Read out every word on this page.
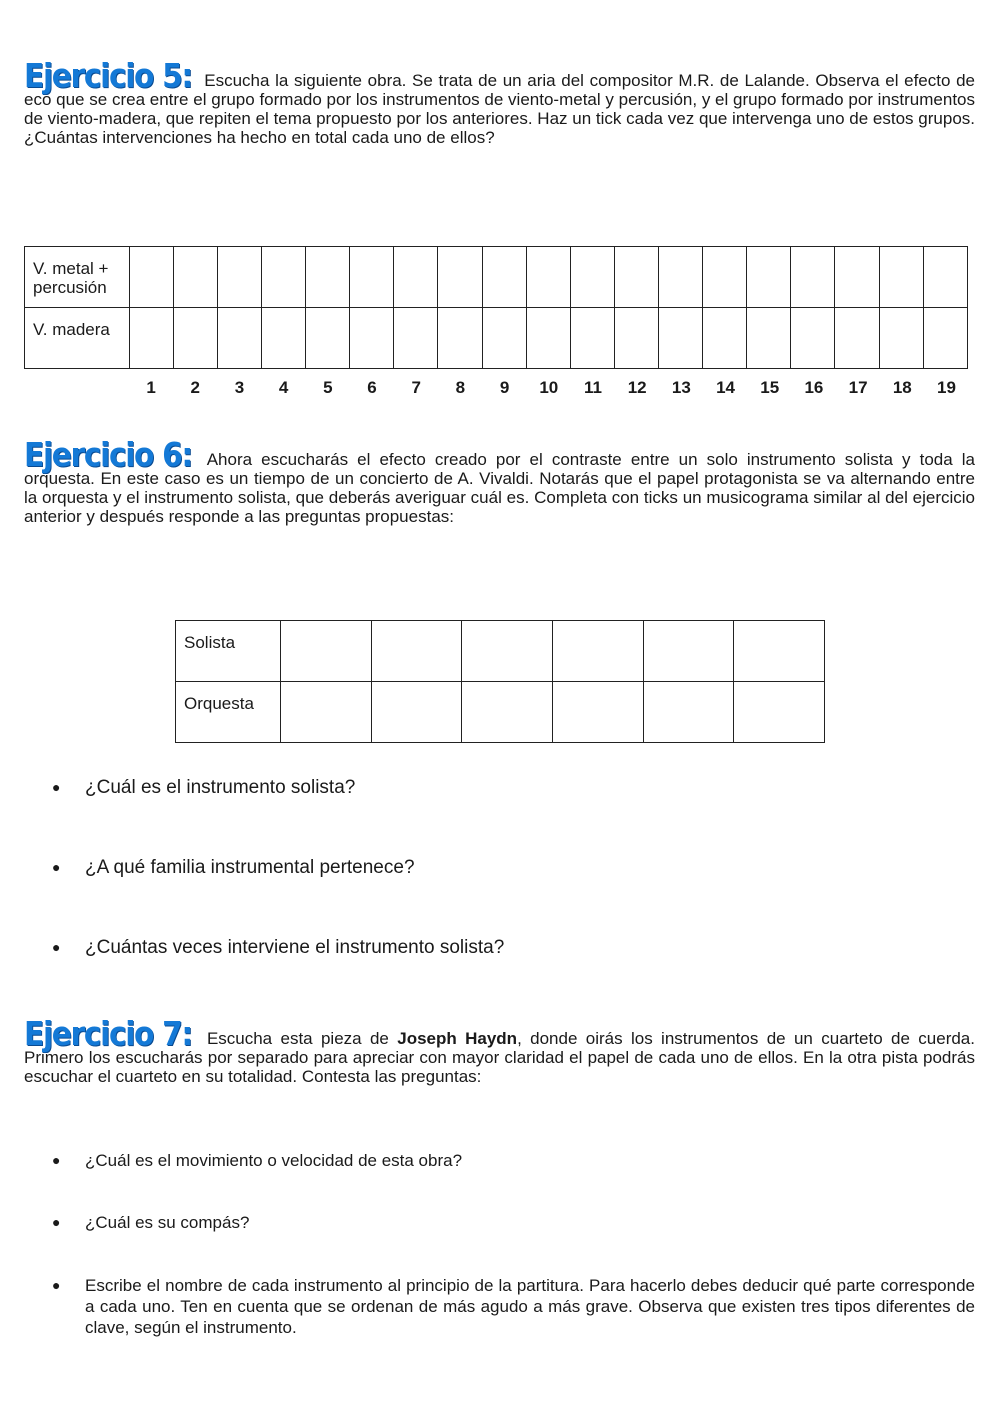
Ejercicio 5: Escucha la siguiente obra. Se trata de un aria del compositor M.R. de Lalande. Observa el efecto de eco que se crea entre el grupo formado por los instrumentos de viento-metal y percusión, y el grupo formado por instrumentos de viento-madera, que repiten el tema propuesto por los anteriores. Haz un tick cada vez que intervenga uno de estos grupos. ¿Cuántas intervenciones ha hecho en total cada uno de ellos?

V. metal + percusión																			
V. madera																			
1	2	3	4	5	6	7	8	9	10	11	12	13	14	15	16	17	18	19

Ejercicio 6: Ahora escucharás el efecto creado por el contraste entre un solo instrumento solista y toda la orquesta. En este caso es un tiempo de un concierto de A. Vivaldi. Notarás que el papel protagonista se va alternando entre la orquesta y el instrumento solista, que deberás averiguar cuál es. Completa con ticks un musicograma similar al del ejercicio anterior y después responde a las preguntas propuestas:

Solista						
Orquesta						
● ¿Cuál es el instrumento solista?
● ¿A qué familia instrumental pertenece?
● ¿Cuántas veces interviene el instrumento solista?

Ejercicio 7: Escucha esta pieza de Joseph Haydn, donde oirás los instrumentos de un cuarteto de cuerda. Primero los escucharás por separado para apreciar con mayor claridad el papel de cada uno de ellos. En la otra pista podrás escuchar el cuarteto en su totalidad. Contesta las preguntas:

● ¿Cuál es el movimiento o velocidad de esta obra?
● ¿Cuál es su compás?
● Escribe el nombre de cada instrumento al principio de la partitura. Para hacerlo debes deducir qué parte corresponde a cada uno. Ten en cuenta que se ordenan de más agudo a más grave. Observa que existen tres tipos diferentes de clave, según el instrumento.
